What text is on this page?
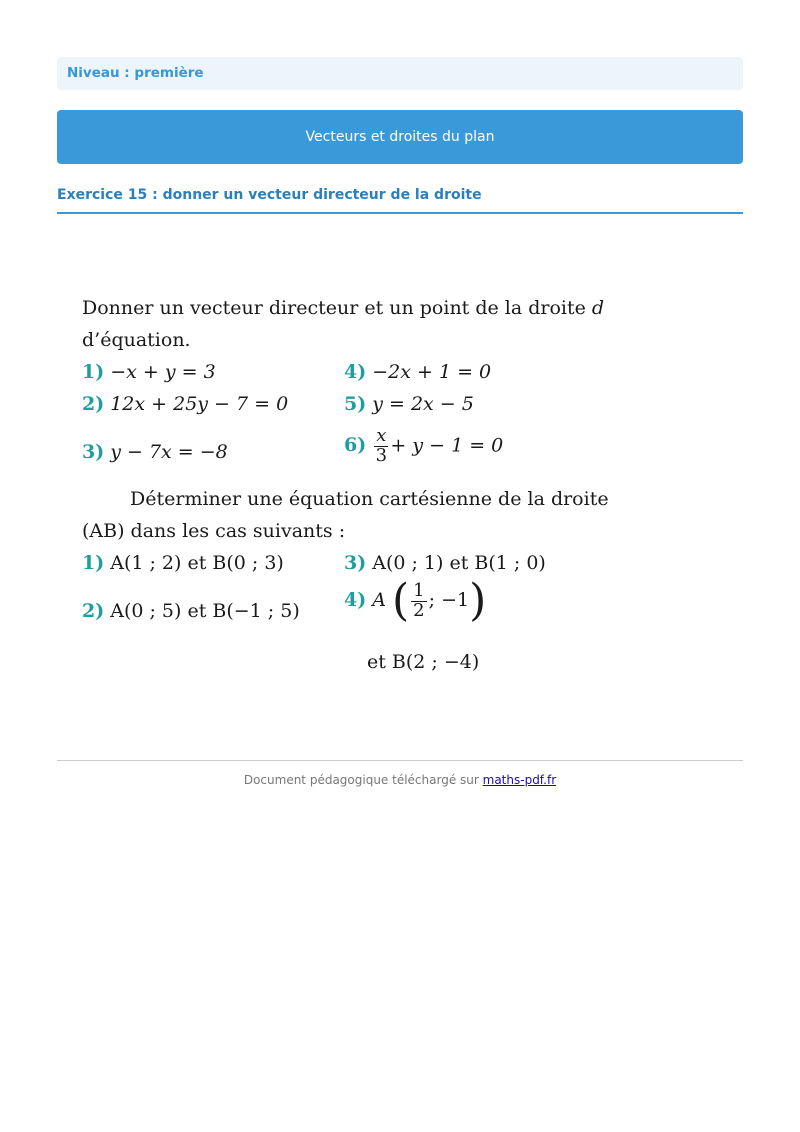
Niveau : première
Vecteurs et droites du plan
Exercice 15 : donner un vecteur directeur de la droite
Donner un vecteur directeur et un point de la droite d
d’équation.
1) −x + y = 3
2) 12x + 25y − 7 = 0
3) y − 7x = −8
4) −2x + 1 = 0
5) y = 2x − 5
$6) \frac{x}{3} + y - 1 = 0$
Déterminer une équation cartésienne de la droite
(AB) dans les cas suivants :
1) A(1 ; 2) et B(0 ; 3)
2) A(0 ; 5) et B(−1 ; 5)
3) A(0 ; 1) et B(1 ; 0)
4) A ( $\frac{1}{2}$ ; −1)
et B(2 ; −4)
Document pédagogique téléchargé sur maths-pdf.fr
